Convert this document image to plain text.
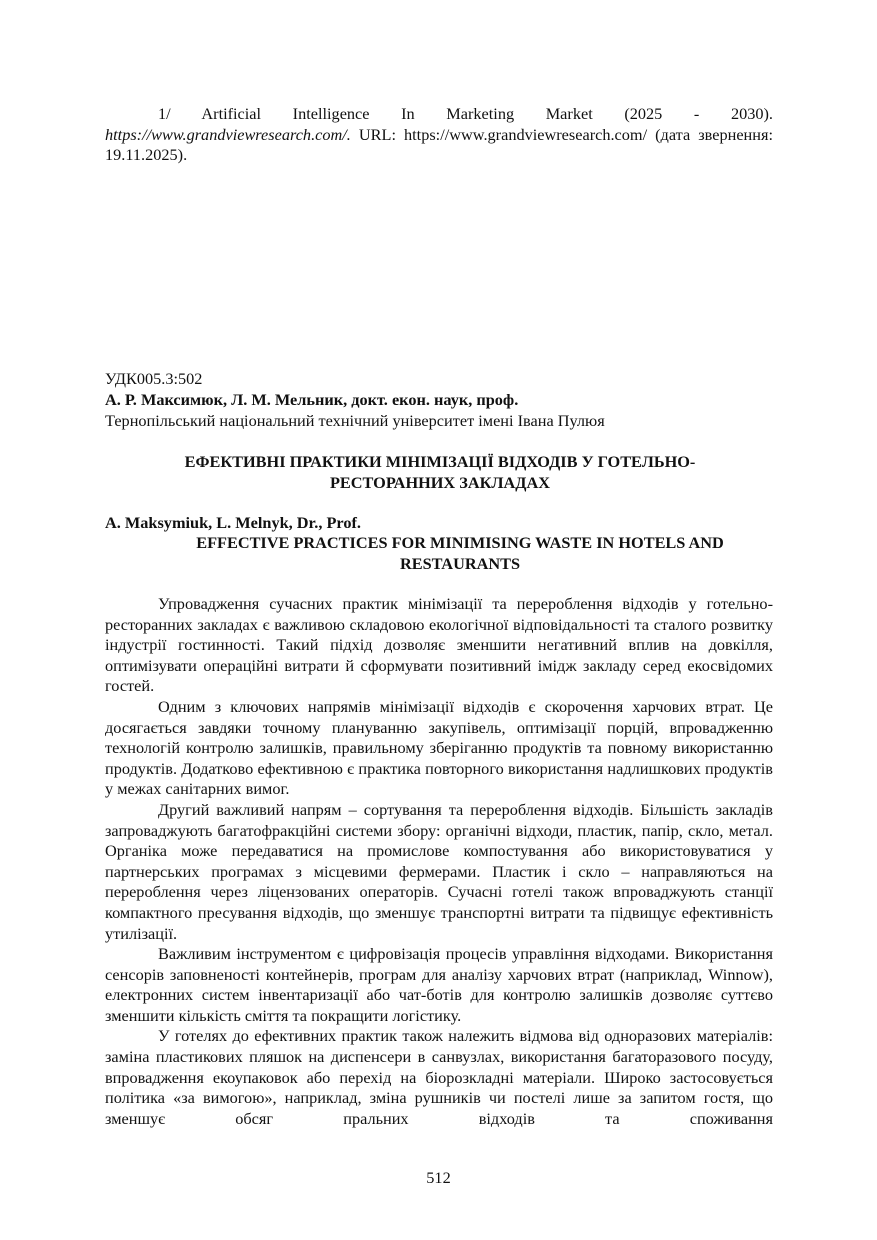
1/ Artificial Intelligence In Marketing Market (2025 - 2030). https://www.grandviewresearch.com/. URL: https://www.grandviewresearch.com/ (дата звернення: 19.11.2025).
УДК005.3:502
А. Р. Максимюк, Л. М. Мельник, докт. екон. наук, проф.
Тернопільський національний технічний університет імені Івана Пулюя
ЕФЕКТИВНІ ПРАКТИКИ МІНІМІЗАЦІЇ ВІДХОДІВ У ГОТЕЛЬНО-
РЕСТОРАННИХ ЗАКЛАДАХ
A. Maksymiuk, L. Melnyk, Dr., Prof.
EFFECTIVE PRACTICES FOR MINIMISING WASTE IN HOTELS AND
RESTAURANTS

Упровадження сучасних практик мінімізації та перероблення відходів у готельно-ресторанних закладах є важливою складовою екологічної відповідальності та сталого розвитку індустрії гостинності. Такий підхід дозволяє зменшити негативний вплив на довкілля, оптимізувати операційні витрати й сформувати позитивний імідж закладу серед екосвідомих гостей.

Одним з ключових напрямів мінімізації відходів є скорочення харчових втрат. Це досягається завдяки точному плануванню закупівель, оптимізації порцій, впровадженню технологій контролю залишків, правильному зберіганню продуктів та повному використанню продуктів. Додатково ефективною є практика повторного використання надлишкових продуктів у межах санітарних вимог.

Другий важливий напрям – сортування та перероблення відходів. Більшість закладів запроваджують багатофракційні системи збору: органічні відходи, пластик, папір, скло, метал. Органіка може передаватися на промислове компостування або використовуватися у партнерських програмах з місцевими фермерами. Пластик і скло – направляються на перероблення через ліцензованих операторів. Сучасні готелі також впроваджують станції компактного пресування відходів, що зменшує транспортні витрати та підвищує ефективність утилізації.

Важливим інструментом є цифровізація процесів управління відходами. Використання сенсорів заповненості контейнерів, програм для аналізу харчових втрат (наприклад, Winnow), електронних систем інвентаризації або чат-ботів для контролю залишків дозволяє суттєво зменшити кількість сміття та покращити логістику.

У готелях до ефективних практик також належить відмова від одноразових матеріалів: заміна пластикових пляшок на диспенсери в санвузлах, використання багаторазового посуду, впровадження екоупаковок або перехід на біорозкладні матеріали. Широко застосовується політика «за вимогою», наприклад, зміна рушників чи постелі лише за запитом гостя, що зменшує обсяг пральних відходів та споживання

512
